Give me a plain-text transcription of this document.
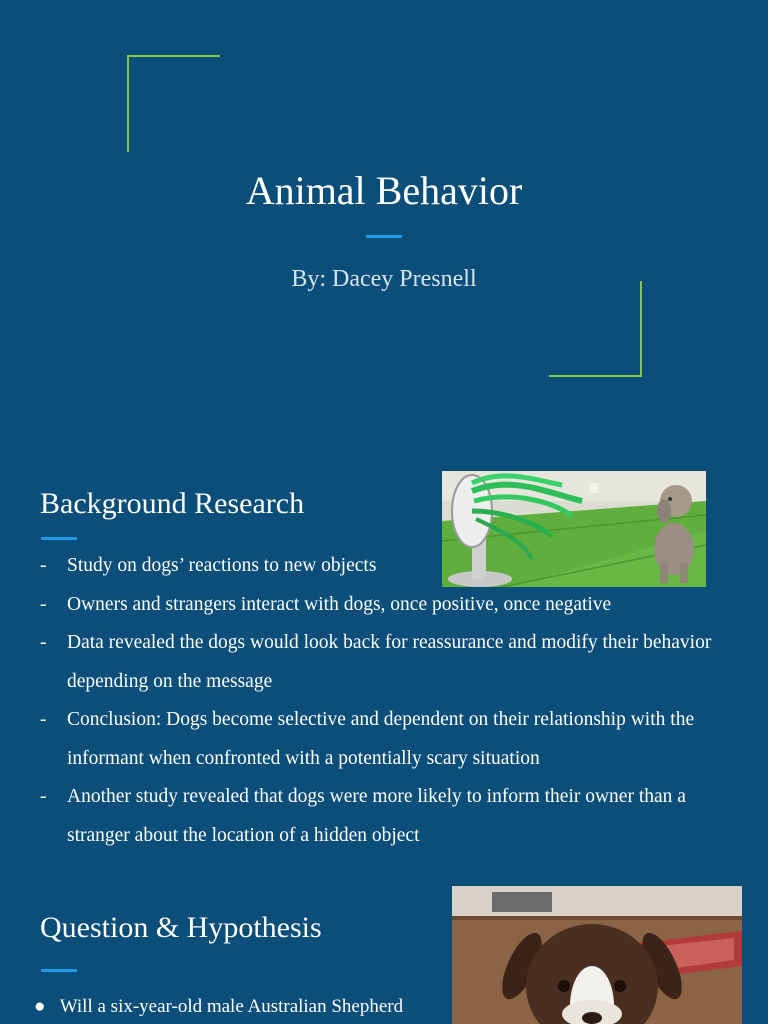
Animal Behavior
By: Dacey Presnell
Background Research
- Study on dogs’ reactions to new objects
- Owners and strangers interact with dogs, once positive, once negative
- Data revealed the dogs would look back for reassurance and modify their behavior depending on the message
- Conclusion: Dogs become selective and dependent on their relationship with the informant when confronted with a potentially scary situation
- Another study revealed that dogs were more likely to inform their owner than a stranger about the location of a hidden object
Question & Hypothesis
● Will a six-year-old male Australian Shepherd
